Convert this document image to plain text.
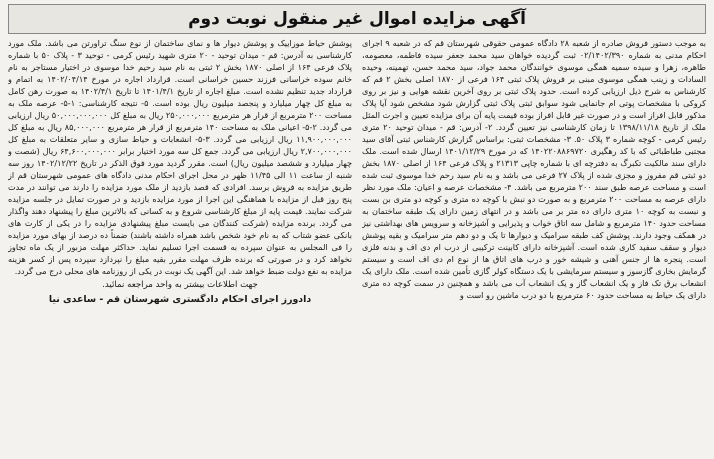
آگهی مزایده اموال غیر منقول نوبت دوم

به موجب دستور فروش صادره از شعبه ۲۸ دادگاه عمومی حقوقی شهرستان قم که در شعبه ۹ اجرای احکام مدنی به شماره ۰۲/۱۴۰۲/۳۹۰ ثبت گردیده خواهان سید محمد جعفر سیده فاطمه، معصومه، طاهره، زهرا و سیده سمیه همگی موسوی خوانندگان محمد جواد، سید محمد حسن، تهمینه، وحیده السادات و زینب همگی موسوی مبنی بر فروش پلاک ثبتی ۱۶۴ فرعی از ۱۸۷۰ اصلی بخش ۲ قم که کارشناس به شرح ذیل ارزیابی کرده است. حدود پلاک ثبتی بر روی آخرین نقشه هوایی و نیز بر روی کروکی با مشخصات پوتی ام جانمایی شود سوابق ثبتی پلاک ثبتی گزارش شود مشخص شود آیا پلاک مذکور قابل افراز است و در صورت غیر قابل افراز بوده قیمت پایه آن برای مزایده تعیین و اجرت المثل ملک از تاریخ ۱۳۹۸/۱۱/۱۸ تا زمان کارشناسی نیز تعیین گردد. ۲- آدرس: قم - میدان توحید ۲۰ متری رئیس کرمی - کوچه شماره ۳ پلاک ۵۰. ۳- مشخصات ثبتی: براساس گزارش کارشناس ثبتی آقای سید مجتبی طباطبائی که با کد رهگیری ۱۴۰۲۲۰۸۸۶۹۷۲۰ که در مورخ ۱۴۰۱/۱۲/۲۹ ارسال شده است. ملک دارای سند مالکیت تکبرگ به دفترچه ای با شماره چاپی ۲۱۳۱۳ و پلاک فرعی ۱۶۴ از اصلی ۱۸۷۰ بخش دو ثبتی قم مفروز و مجزی شده از پلاک ۲۷ فرعی می باشد و به نام سید رحم خدا موسوی ثبت شده است و مساحت عرصه طبق سند ۲۰۰ مترمربع می باشد. ۴- مشخصات عرصه و اعیان: ملک مورد نظر دارای عرصه به مساحت ۲۰۰ مترمربع و به صورت دو نبش با کوچه ده متری و کوچه دو متری بن بست و نبست به کوچه ۱۰ متری دارای ده متر بر می باشد و در انتهای زمین دارای یک طبقه ساختمان به مساحت حدود ۱۴۰ مترمربع و شامل سه اتاق خواب و پذیرایی و آشپزخانه و سرویس های بهداشتی نیز در همکف وجود دارند. پوشش کف طبقه سرامیک و دیوارها تا یک و دو دهم متر سرامیک و بقیه پوشش دیوار و سقف سفید کاری شده است. آشپزخانه دارای کابینت ترکیبی از درب ام دی اف و بدنه فلزی است. پنجره ها از جنس آهنی و شیشه خور و درب های اتاق ها از نوع ام دی اف است و سیستم گرمایش بخاری گازسوز و سیستم سرمایشی با یک دستگاه کولر گازی تأمین شده است. ملک دارای یک انشعاب برق تک فاز و یک انشعاب گاز و یک انشعاب آب می باشد و همچنین در سمت کوچه ده متری دارای یک حیاط به مساحت حدود ۶۰ مترمربع با دو درب ماشین رو است و

پوشش حیاط موزاییک و پوشش دیوار ها و نمای ساختمان از نوع سنگ تراورتن می باشد. ملک مورد کارشناسی به آدرس: قم - میدان توحید - ۲۰ متری شهید رئیس کرمی - توحید ۳ - پلاک ۵۰ با شماره پلاک فرعی ۱۶۴ از اصلی ۱۸۷۰ بخش ۲ ثبتی به نام سید رحیم خدا موسوی در اختیار مستاجر به نام خانم سوده خراسانی فرزند حسین خراسانی است. قرارداد اجاره در مورخ ۱۴۰۲/۰۴/۱۴ به اتمام و قرارداد جدید تنظیم نشده است. مبلغ اجاره از تاریخ ۱۴۰۱/۴/۱ تا تاریخ ۱۴۰۲/۴/۱ به صورت رهن کامل به مبلغ کل چهار میلیارد و پنجصد میلیون ریال بوده است. ۵- نتیجه کارشناسی: ۱-۵- عرصه ملک به مساحت ۲۰۰ مترمربع از قرار هر مترمربع ۲۵۰,۰۰۰,۰۰۰ ریال به مبلغ کل ۵۰,۰۰۰,۰۰۰,۰۰۰ ریال ارزیابی می گردد. ۲-۵- اعیانی ملک به مساحت ۱۴۰ مترمربع از قرار هر مترمربع ۸۵,۰۰۰,۰۰۰ ریال به مبلغ کل ۱۱,۹۰۰,۰۰۰,۰۰۰ ریال ارزیابی می گردد. ۳-۵- انشعابات و حیاط سازی و سایر متعلقات به مبلغ کل ۲,۷۰۰,۰۰۰,۰۰۰ ریال ارزیابی می گردد. جمع کل سه مورد اختیار برابر ۶۴,۶۰۰,۰۰۰,۰۰۰ ریال (شصت و چهار میلیارد و ششصد میلیون ریال) است. مقرر گردید مورد فوق الذکر در تاریخ ۱۴۰۲/۱۲/۲۲ روز سه شنبه از ساعت ۱۱ الی ۱۱/۴۵ ظهر در محل اجرای احکام مدنی دادگاه های عمومی شهرستان قم از طریق مزایده به فروش برسد. افرادی که قصد بازدید از ملک مورد مزایده را دارند می توانند در مدت پنج روز قبل از مزایده با هماهنگی این اجرا از مورد مزایده بازدید و در صورت تمایل در جلسه مزایده شرکت نمایند. قیمت پایه از مبلغ کارشناسی شروع و به کسانی که بالاترین مبلغ را پیشنهاد دهند واگذار می گردد. برنده مزایده (شرکت کنندگان می بایست مبلغ پیشنهادی مزایده را در یکی از کارت های بانکی عضو شتاب که به نام خود شخص باشد همراه داشته باشند) ضمناً ده درصد از بهای مورد مزایده را فی المجلس به عنوان سپرده به قسمت اجرا تسلیم نماید. حداکثر مهلت مزبور از یک ماه تجاوز نخواهد کرد و در صورتی که برنده ظرف مهلت مقرر بقیه مبلغ را نپردازد سپرده پس از کسر هزینه مزایده به نفع دولت ضبط خواهد شد. این آگهی یک نوبت در یکی از روزنامه های محلی درج می گردد.

جهت اطلاعات بیشتر به واحد مراجعه نمائید.
دادورز اجرای احکام دادگستری شهرستان قم - ساعدی نیا
